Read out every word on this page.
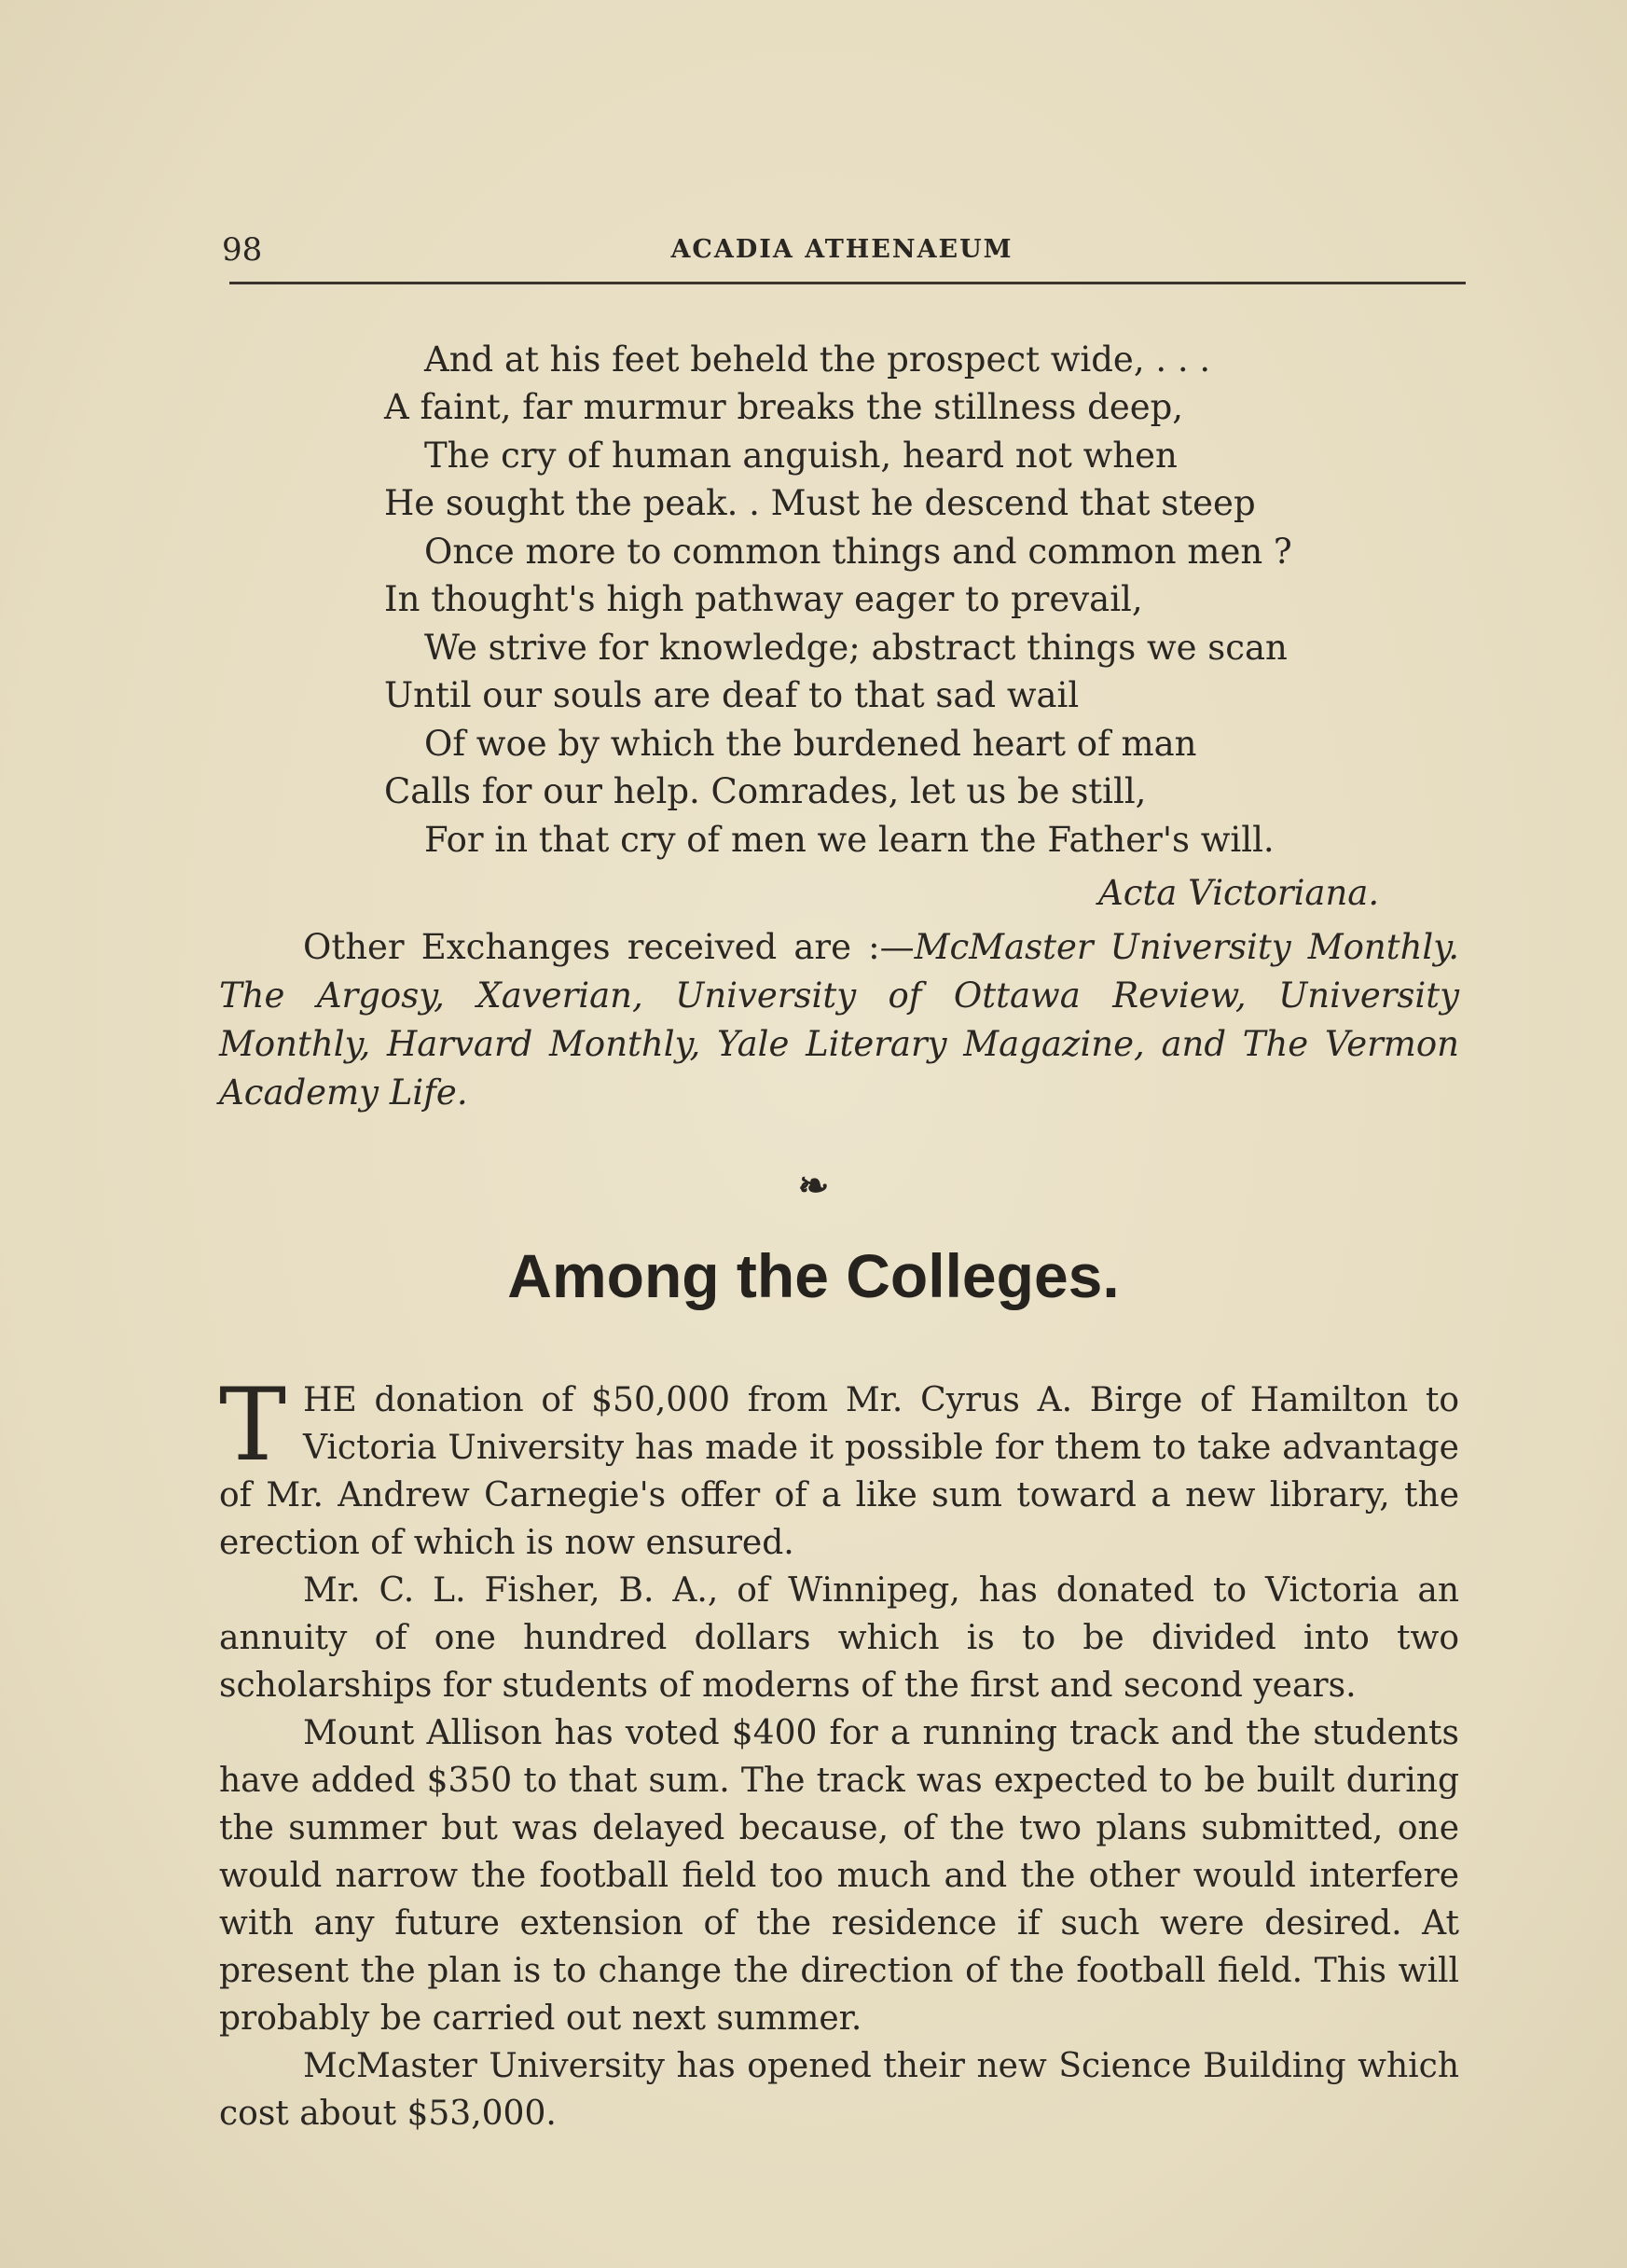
98	ACADIA ATHENAEUM
And at his feet beheld the prospect wide, . . .
A faint, far murmur breaks the stillness deep,
The cry of human anguish, heard not when
He sought the peak. . Must he descend that steep
Once more to common things and common men ?
In thought's high pathway eager to prevail,
We strive for knowledge; abstract things we scan
Until our souls are deaf to that sad wail
Of woe by which the burdened heart of man
Calls for our help. Comrades, let us be still,
For in that cry of men we learn the Father's will.
Acta Victoriana.

Other Exchanges received are :—McMaster University Monthly. The Argosy, Xaverian, University of Ottawa Review, University Monthly, Harvard Monthly, Yale Literary Magazine, and The Vermon Academy Life.

❧
Among the Colleges.

THE donation of $50,000 from Mr. Cyrus A. Birge of Hamilton to Victoria University has made it possible for them to take advantage of Mr. Andrew Carnegie's offer of a like sum toward a new library, the erection of which is now ensured.

Mr. C. L. Fisher, B. A., of Winnipeg, has donated to Victoria an annuity of one hundred dollars which is to be divided into two scholarships for students of moderns of the first and second years.

Mount Allison has voted $400 for a running track and the students have added $350 to that sum. The track was expected to be built during the summer but was delayed because, of the two plans submitted, one would narrow the football field too much and the other would interfere with any future extension of the residence if such were desired. At present the plan is to change the direction of the football field. This will probably be carried out next summer.

McMaster University has opened their new Science Building which cost about $53,000.
